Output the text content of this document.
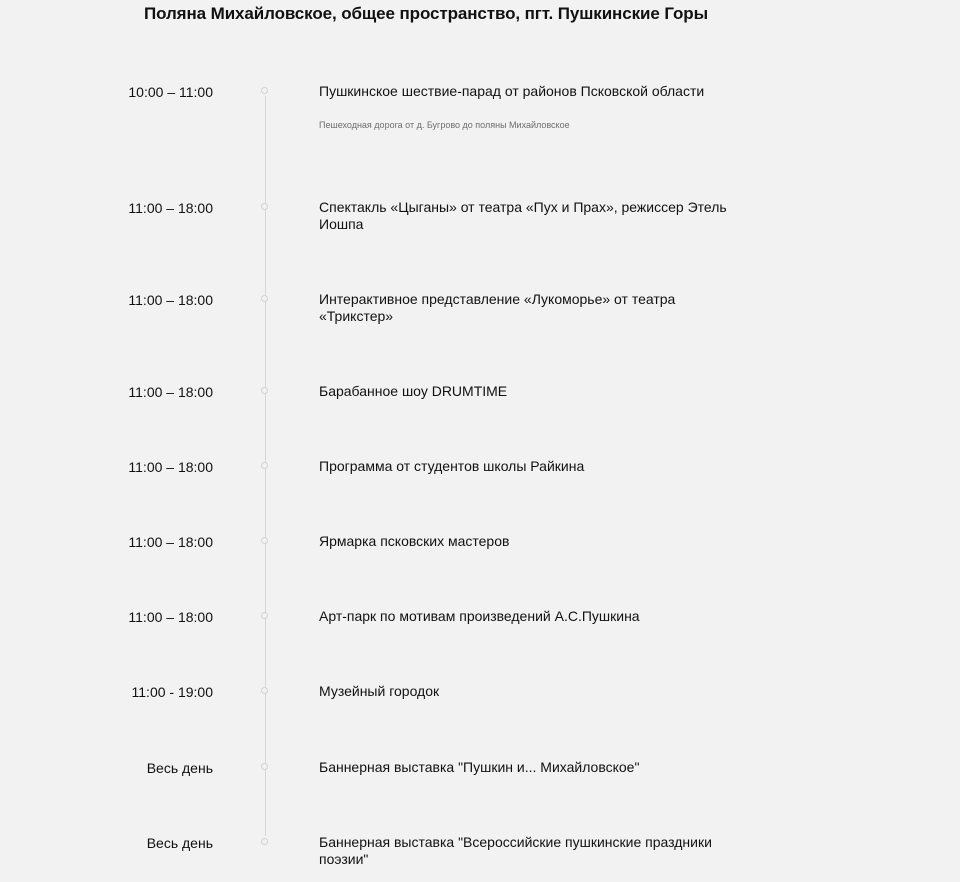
Поляна Михайловское, общее пространство, пгт. Пушкинские Горы
10:00 – 11:00	Пушкинское шествие-парад от районов Псковской области
Пешеходная дорога от д. Бугрово до поляны Михайловское
11:00 – 18:00	Спектакль «Цыганы» от театра «Пух и Прах», режиссер Этель Иошпа
11:00 – 18:00	Интерактивное представление «Лукоморье» от театра «Трикстер»
11:00 – 18:00	Барабанное шоу DRUMTIME
11:00 – 18:00	Программа от студентов школы Райкина
11:00 – 18:00	Ярмарка псковских мастеров
11:00 – 18:00	Арт-парк по мотивам произведений А.С.Пушкина
11:00 - 19:00	Музейный городок
Весь день	Баннерная выставка "Пушкин и... Михайловское"
Весь день	Баннерная выставка "Всероссийские пушкинские праздники поэзии"
